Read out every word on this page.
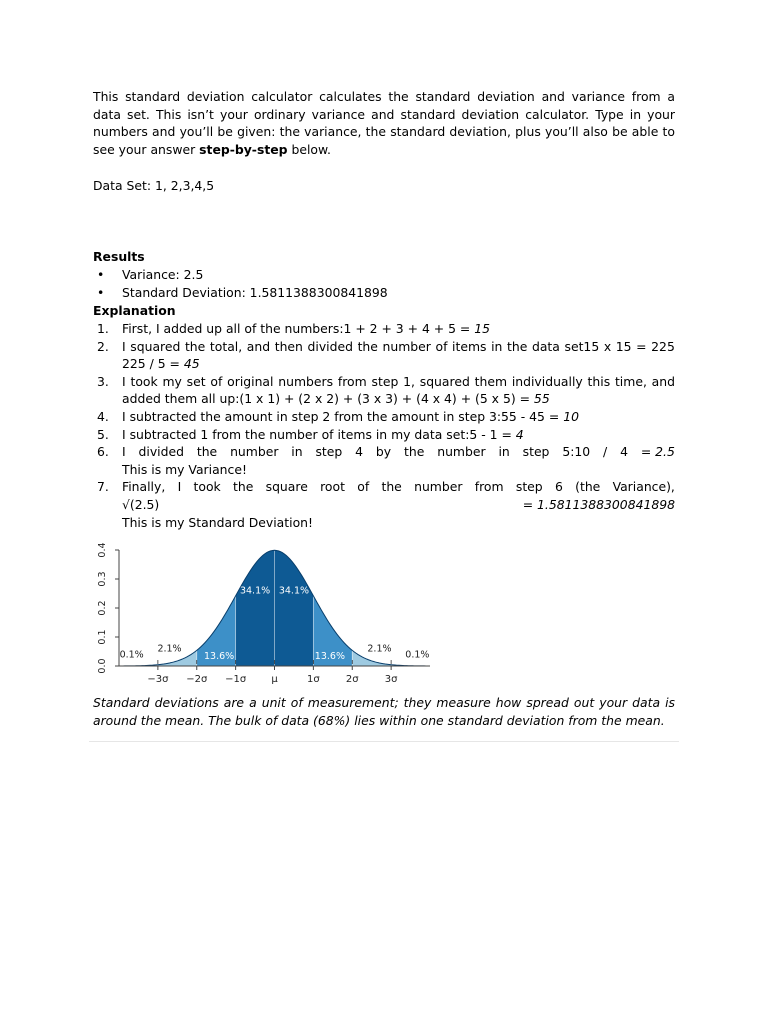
This standard deviation calculator calculates the standard deviation and variance from a data set. This isn’t your ordinary variance and standard deviation calculator. Type in your numbers and you’ll be given: the variance, the standard deviation, plus you’ll also be able to see your answer step-by-step below.

Data Set: 1, 2,3,4,5

Results

• Variance: 2.5
• Standard Deviation: 1.5811388300841898

Explanation

1. First, I added up all of the numbers:1 + 2 + 3 + 4 + 5 = 15
2. I squared the total, and then divided the number of items in the data set15 x 15 = 225
225 / 5 = 45
3. I took my set of original numbers from step 1, squared them individually this time, and added them all up:(1 x 1) + (2 x 2) + (3 x 3) + (4 x 4) + (5 x 5) = 55
4. I subtracted the amount in step 2 from the amount in step 3:55 - 45 = 10
5. I subtracted 1 from the number of items in my data set:5 - 1 = 4
6. I divided the number in step 4 by the number in step 5:10 / 4 = 2.5
This is my Variance!
7. Finally, I took the square root of the number from step 6 (the Variance),
√(2.5)	= 1.5811388300841898
This is my Standard Deviation!
0.0
0.1
0.2
0.3
0.4
−3σ −2σ −1σ	μ	1σ	2σ	3σ
0.1%
2.1%
13.6%
34.1% 34.1%
13.6%
2.1%
0.1%

Standard deviations are a unit of measurement; they measure how spread out your data is around the mean. The bulk of data (68%) lies within one standard deviation from the mean.
